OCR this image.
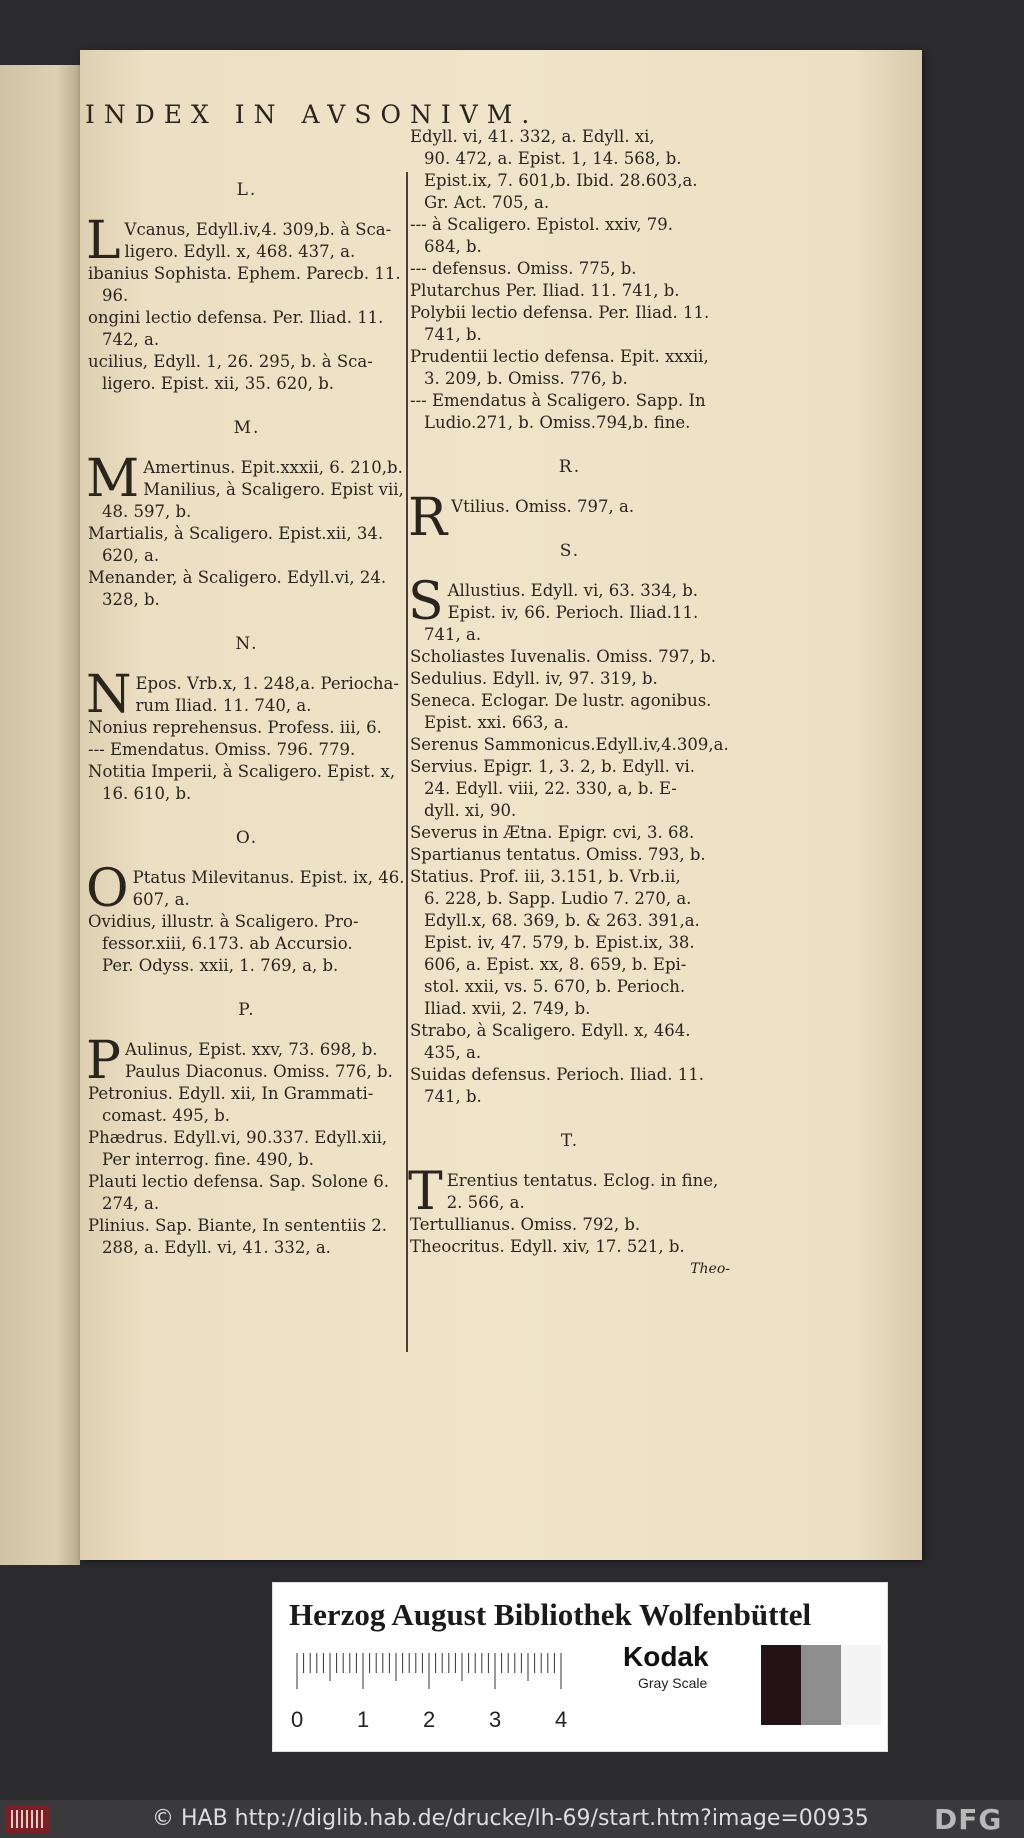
INDEX IN AVSONIVM.
L.
L Vcanus, Edyll.iv,4. 309,b. à Sca-
ligero. Edyll. x, 468. 437, a.
ibanius Sophista. Ephem. Parecb. 11.
96.
ongini lectio defensa. Per. Iliad. 11.
742, a.
ucilius, Edyll. 1, 26. 295, b. à Sca-
ligero. Epist. xii, 35. 620, b.
M.
M Amertinus. Epit.xxxii, 6. 210,b.
Manilius, à Scaligero. Epist vii,
48. 597, b.
Martialis, à Scaligero. Epist.xii, 34.
620, a.
Menander, à Scaligero. Edyll.vi, 24.
328, b.
N.
N Epos. Vrb.x, 1. 248,a. Periocha-
rum Iliad. 11. 740, a.
Nonius reprehensus. Profess. iii, 6.
--- Emendatus. Omiss. 796. 779.
Notitia Imperii, à Scaligero. Epist. x,
16. 610, b.
O.
O Ptatus Milevitanus. Epist. ix, 46.
607, a.
Ovidius, illustr. à Scaligero. Pro-
fessor.xiii, 6.173. ab Accursio.
Per. Odyss. xxii, 1. 769, a, b.
P.
P Aulinus, Epist. xxv, 73. 698, b.
Paulus Diaconus. Omiss. 776, b.
Petronius. Edyll. xii, In Grammati-
comast. 495, b.
Phædrus. Edyll.vi, 90.337. Edyll.xii,
Per interrog. fine. 490, b.
Plauti lectio defensa. Sap. Solone 6.
274, a.
Plinius. Sap. Biante, In sententiis 2.
288, a. Edyll. vi, 41. 332, a.
Edyll. vi, 41. 332, a. Edyll. xi,
90. 472, a. Epist. 1, 14. 568, b.
Epist.ix, 7. 601,b. Ibid. 28.603,a.
Gr. Act. 705, a.
--- à Scaligero. Epistol. xxiv, 79.
684, b.
--- defensus. Omiss. 775, b.
Plutarchus Per. Iliad. 11. 741, b.
Polybii lectio defensa. Per. Iliad. 11.
741, b.
Prudentii lectio defensa. Epit. xxxii,
3. 209, b. Omiss. 776, b.
--- Emendatus à Scaligero. Sapp. In
Ludio.271, b. Omiss.794,b. fine.
R.
R Vtilius. Omiss. 797, a.
S.
S Allustius. Edyll. vi, 63. 334, b.
Epist. iv, 66. Perioch. Iliad.11.
741, a.
Scholiastes Iuvenalis. Omiss. 797, b.
Sedulius. Edyll. iv, 97. 319, b.
Seneca. Eclogar. De lustr. agonibus.
Epist. xxi. 663, a.
Serenus Sammonicus.Edyll.iv,4.309,a.
Servius. Epigr. 1, 3. 2, b. Edyll. vi.
24. Edyll. viii, 22. 330, a, b. E-
dyll. xi, 90.
Severus in Ætna. Epigr. cvi, 3. 68.
Spartianus tentatus. Omiss. 793, b.
Statius. Prof. iii, 3.151, b. Vrb.ii,
6. 228, b. Sapp. Ludio 7. 270, a.
Edyll.x, 68. 369, b. & 263. 391,a.
Epist. iv, 47. 579, b. Epist.ix, 38.
606, a. Epist. xx, 8. 659, b. Epi-
stol. xxii, vs. 5. 670, b. Perioch.
Iliad. xvii, 2. 749, b.
Strabo, à Scaligero. Edyll. x, 464.
435, a.
Suidas defensus. Perioch. Iliad. 11.
741, b.
T.
T Erentius tentatus. Eclog. in fine,
2. 566, a.
Tertullianus. Omiss. 792, b.
Theocritus. Edyll. xiv, 17. 521, b.
Theo-
Herzog August Bibliothek Wolfenbüttel
0 1 2 3 4
Kodak
Gray Scale
© HAB http://diglib.hab.de/drucke/lh-69/start.htm?image=00935 DFG
